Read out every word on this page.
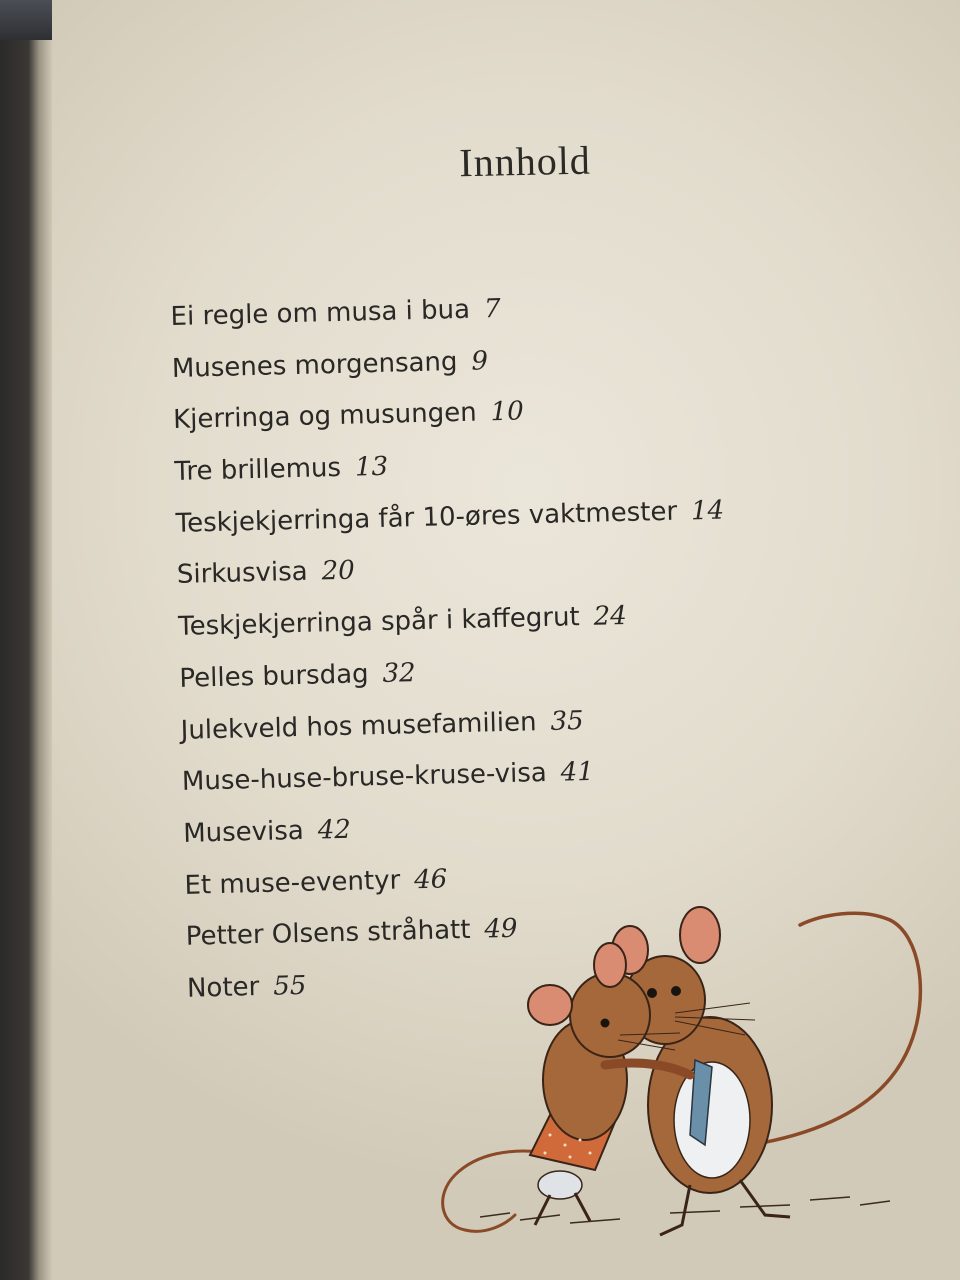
Innhold
Ei regle om musa i bua 7
Musenes morgensang 9
Kjerringa og musungen 10
Tre brillemus 13
Teskjekjerringa får 10-øres vaktmester 14
Sirkusvisa 20
Teskjekjerringa spår i kaffegrut 24
Pelles bursdag 32
Julekveld hos musefamilien 35
Muse-huse-bruse-kruse-visa 41
Musevisa 42
Et muse-eventyr 46
Petter Olsens stråhatt 49
Noter 55
